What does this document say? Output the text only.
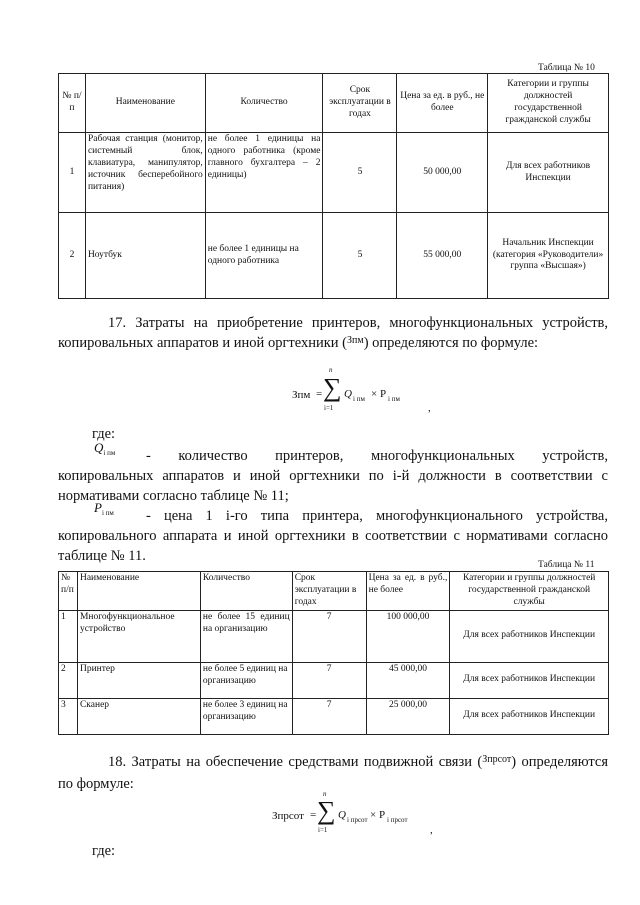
Таблица № 10
№ п/п	Наименование	Количество	Срок эксплуатации в годах	Цена за ед. в руб., не более	Категории и группы должностей государственной гражданской службы
1	Рабочая станция (монитор, системный блок, клавиатура, манипулятор, источник бесперебойного питания)	не более 1 единицы на одного работника (кроме главного бухгалтера – 2 единицы)	5	50 000,00	Для всех работников Инспекции
2	Ноутбук	не более 1 единицы на одного работника	5	55 000,00	Начальник Инспекции (категория «Руководители» группа «Высшая»)
17. Затраты на приобретение принтеров, многофункциональных устройств, копировальных аппаратов и иной оргтехники ($^{Зпм}$) определяются по формуле:
Зпм =
n
∑
i=1
Q i пм × P i пм
,
где:
$Q_{i пм}$	- количество принтеров, многофункциональных устройств, копировальных аппаратов и иной оргтехники по i-й должности в соответствии с нормативами согласно таблице № 11;
$P_{i пм}$	- цена 1 i-го типа принтера, многофункционального устройства, копировального аппарата и иной оргтехники в соответствии с нормативами согласно таблице № 11.
Таблица № 11
№ п/п	Наименование	Количество	Срок эксплуатации в годах	Цена за ед. в руб., не более	Категории и группы должностей государственной гражданской службы
1	Многофункциональное устройство	не более 15 единиц на организацию	7	100 000,00	Для всех работников Инспекции
2	Принтер	не более 5 единиц на организацию	7	45 000,00	Для всех работников Инспекции
3	Сканер	не более 3 единиц на организацию	7	25 000,00	Для всех работников Инспекции
18. Затраты на обеспечение средствами подвижной связи ($^{Зпрсот}$) определяются по формуле:
Зпрсот =
n
∑
i=1
Q i прсот × P i прсот
,
где:
